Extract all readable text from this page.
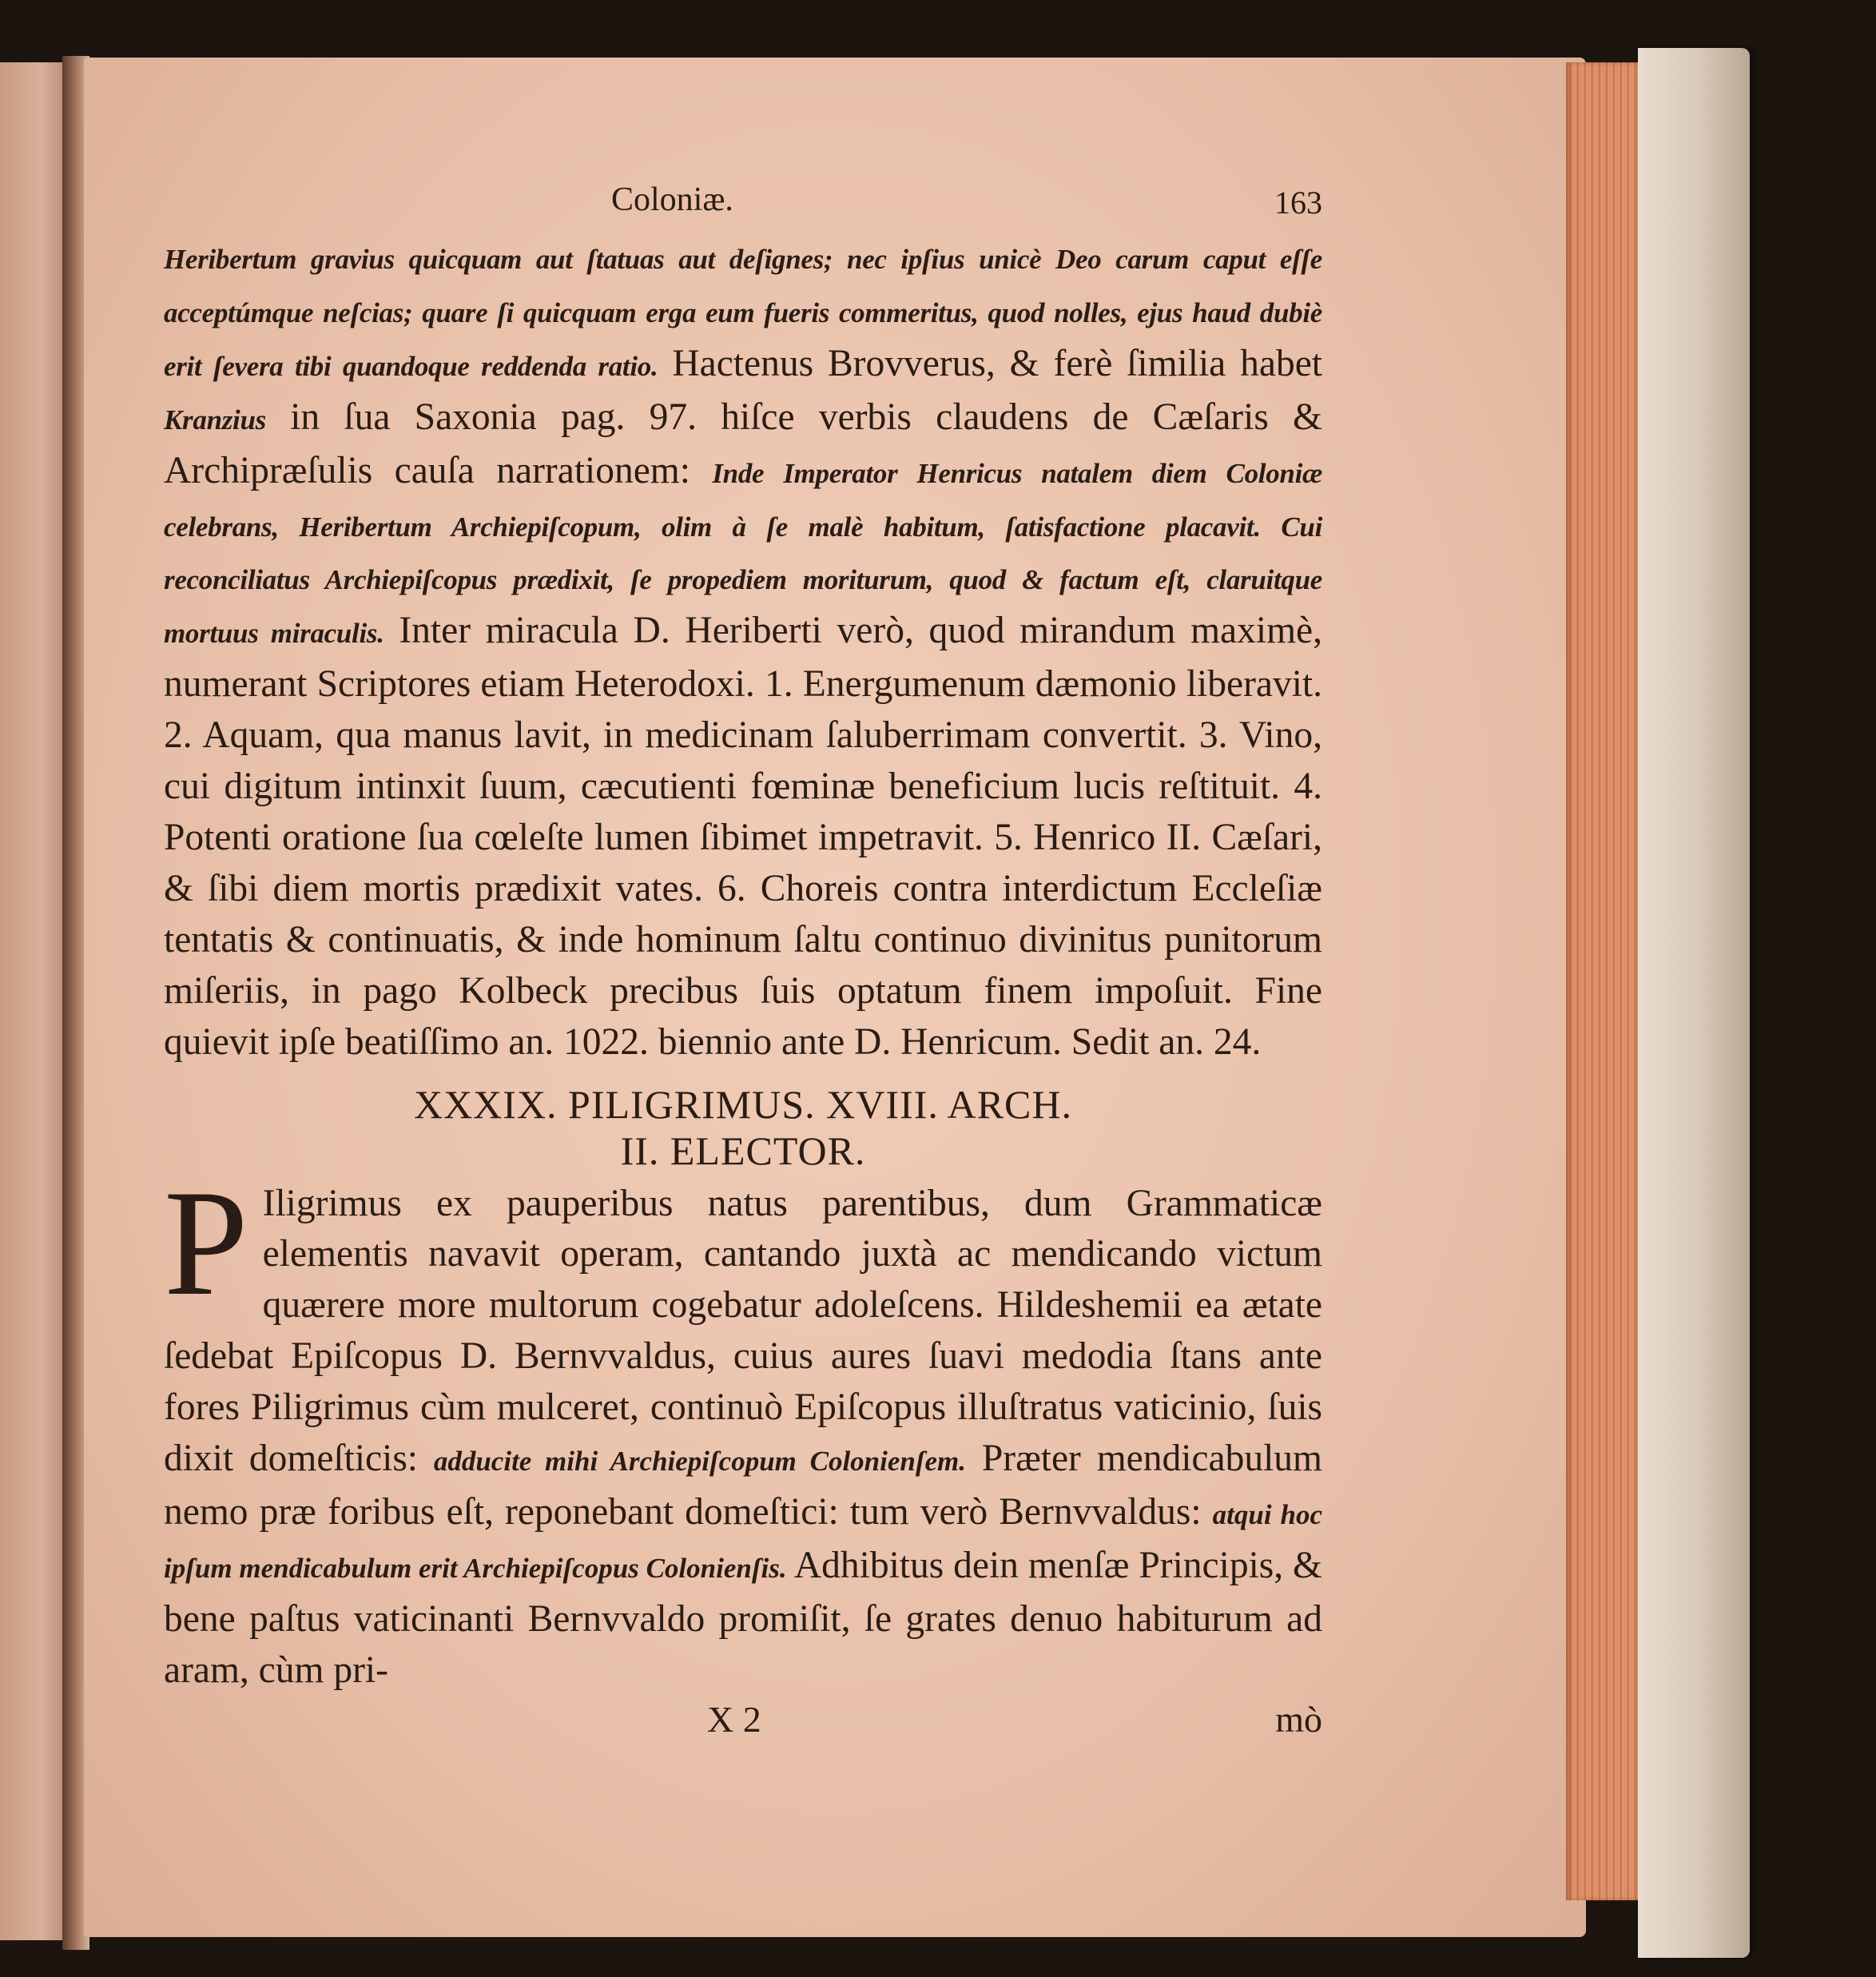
Coloniæ.	163

Heribertum gravius quicquam aut ſtatuas aut deſignes; nec ipſius unicè Deo carum caput eſſe acceptúmque neſcias; quare ſi quicquam erga eum fueris commeritus, quod nolles, ejus haud dubiè erit ſevera tibi quandoque reddenda ratio. Hactenus Brovverus, & ferè ſimilia habet Kranzius in ſua Saxonia pag. 97. hiſce verbis claudens de Cæſaris & Archipræſulis cauſa narrationem: Inde Imperator Henricus natalem diem Coloniæ celebrans, Heribertum Archiepiſcopum, olim à ſe malè habitum, ſatisfactione placavit. Cui reconciliatus Archiepiſcopus prædixit, ſe propediem moriturum, quod & factum eſt, claruitque mortuus miraculis. Inter miracula D. Heriberti verò, quod mirandum maximè, numerant Scriptores etiam Heterodoxi. 1. Energumenum dæmonio liberavit. 2. Aquam, qua manus lavit, in medicinam ſaluberrimam convertit. 3. Vino, cui digitum intinxit ſuum, cæcutienti fœminæ beneficium lucis reſtituit. 4. Potenti oratione ſua cœleſte lumen ſibimet impetravit. 5. Henrico II. Cæſari, & ſibi diem mortis prædixit vates. 6. Choreis contra interdictum Eccleſiæ tentatis & continuatis, & inde hominum ſaltu continuo divinitus punitorum miſeriis, in pago Kolbeck precibus ſuis optatum finem impoſuit. Fine quievit ipſe beatiſſimo an. 1022. biennio ante D. Henricum. Sedit an. 24.

XXXIX. PILIGRIMUS. XVIII. ARCH.
II. ELECTOR.

P Iligrimus ex pauperibus natus parentibus, dum Grammaticæ elementis navavit operam, cantando juxtà ac mendicando victum quærere more multorum cogebatur adoleſcens. Hildeshemii ea ætate ſedebat Epiſcopus D. Bernvvaldus, cuius aures ſuavi medodia ſtans ante fores Piligrimus cùm mulceret, continuò Epiſcopus illuſtratus vaticinio, ſuis dixit domeſticis: adducite mihi Archiepiſcopum Colonienſem. Præter mendicabulum nemo præ foribus eſt, reponebant domeſtici: tum verò Bernvvaldus: atqui hoc ipſum mendicabulum erit Archiepiſcopus Colonienſis. Adhibitus dein menſæ Principis, & bene paſtus vaticinanti Bernvvaldo promiſit, ſe grates denuo habiturum ad aram, cùm pri-

X 2	mò
